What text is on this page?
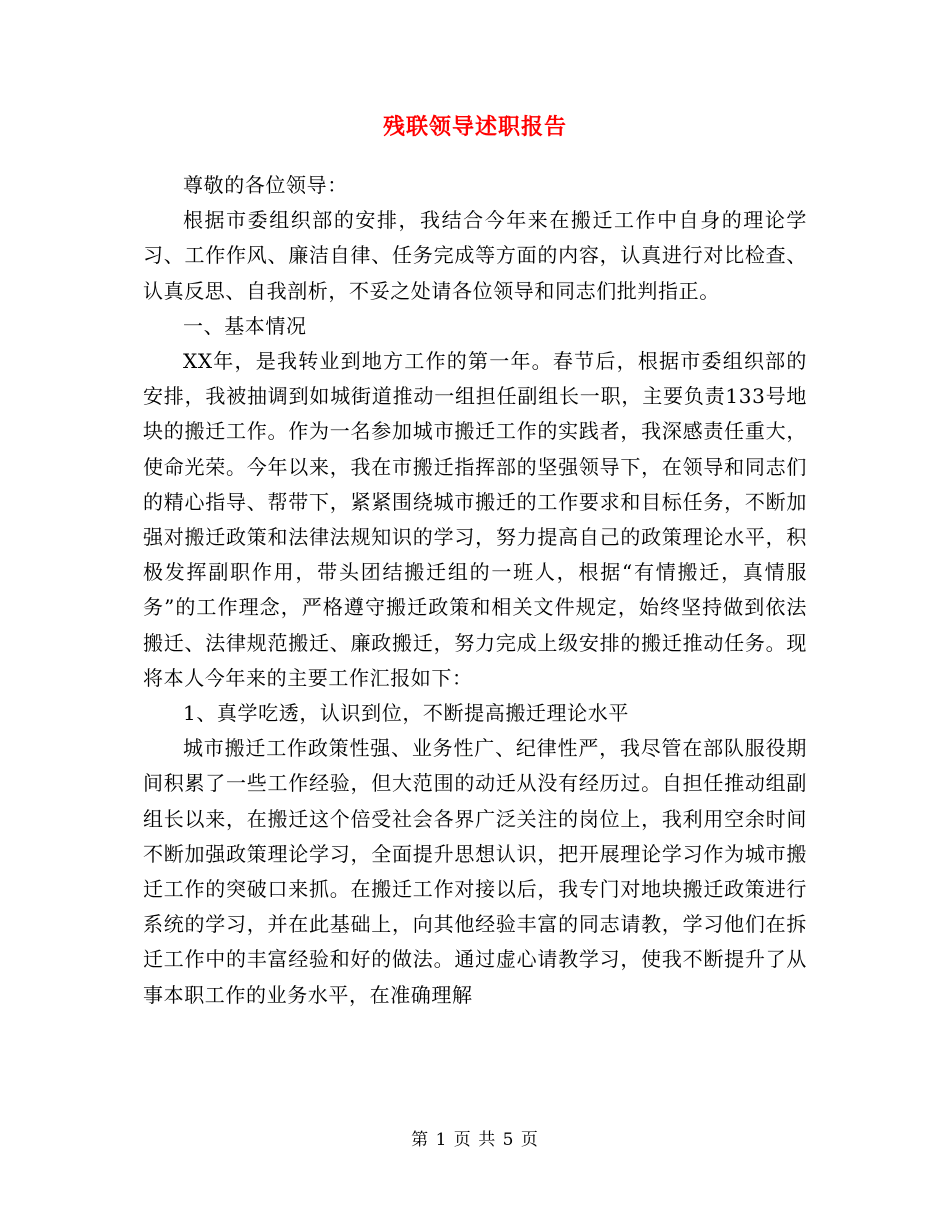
残联领导述职报告

尊敬的各位领导：

根据市委组织部的安排，我结合今年来在搬迁工作中自身的理论学习、工作作风、廉洁自律、任务完成等方面的内容，认真进行对比检查、认真反思、自我剖析，不妥之处请各位领导和同志们批判指正。

一、基本情况

XX年，是我转业到地方工作的第一年。春节后，根据市委组织部的安排，我被抽调到如城街道推动一组担任副组长一职，主要负责133号地块的搬迁工作。作为一名参加城市搬迁工作的实践者，我深感责任重大，使命光荣。今年以来，我在市搬迁指挥部的坚强领导下，在领导和同志们的精心指导、帮带下，紧紧围绕城市搬迁的工作要求和目标任务，不断加强对搬迁政策和法律法规知识的学习，努力提高自己的政策理论水平，积极发挥副职作用，带头团结搬迁组的一班人，根据“有情搬迁，真情服务”的工作理念，严格遵守搬迁政策和相关文件规定，始终坚持做到依法搬迁、法律规范搬迁、廉政搬迁，努力完成上级安排的搬迁推动任务。现将本人今年来的主要工作汇报如下：

1、真学吃透，认识到位，不断提高搬迁理论水平

城市搬迁工作政策性强、业务性广、纪律性严，我尽管在部队服役期间积累了一些工作经验，但大范围的动迁从没有经历过。自担任推动组副组长以来，在搬迁这个倍受社会各界广泛关注的岗位上，我利用空余时间不断加强政策理论学习，全面提升思想认识，把开展理论学习作为城市搬迁工作的突破口来抓。在搬迁工作对接以后，我专门对地块搬迁政策进行系统的学习，并在此基础上，向其他经验丰富的同志请教，学习他们在拆迁工作中的丰富经验和好的做法。通过虚心请教学习，使我不断提升了从事本职工作的业务水平，在准确理解

第 1 页 共 5 页
